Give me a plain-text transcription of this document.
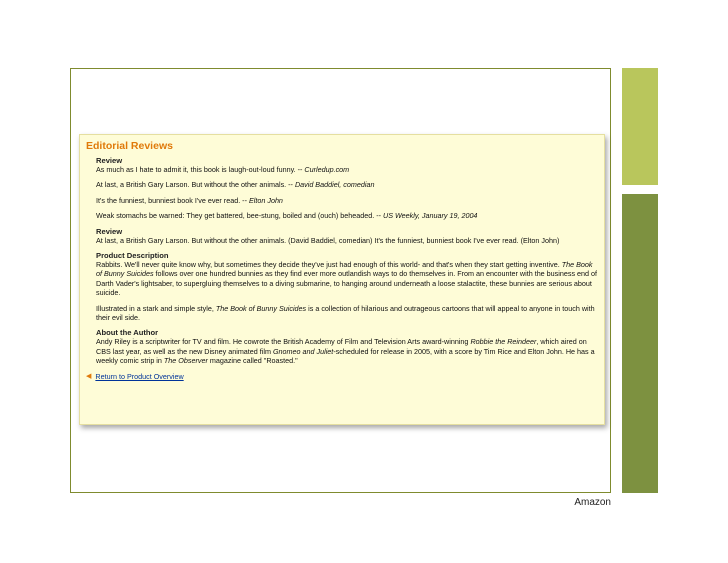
Editorial Reviews
Review

As much as I hate to admit it, this book is laugh-out-loud funny. -- Curledup.com

At last, a British Gary Larson. But without the other animals. -- David Baddiel, comedian

It's the funniest, bunniest book I've ever read. -- Elton John

Weak stomachs be warned: They get battered, bee-stung, boiled and (ouch) beheaded. -- US Weekly, January 19, 2004

Review

At last, a British Gary Larson. But without the other animals. (David Baddiel, comedian) It's the funniest, bunniest book I've ever read. (Elton John)

Product Description

Rabbits. We'll never quite know why, but sometimes they decide they've just had enough of this world- and that's when they start getting inventive. The Book of Bunny Suicides follows over one hundred bunnies as they find ever more outlandish ways to do themselves in. From an encounter with the business end of Darth Vader's lightsaber, to supergluing themselves to a diving submarine, to hanging around underneath a loose stalactite, these bunnies are serious about suicide.

Illustrated in a stark and simple style, The Book of Bunny Suicides is a collection of hilarious and outrageous cartoons that will appeal to anyone in touch with their evil side.

About the Author

Andy Riley is a scriptwriter for TV and film. He cowrote the British Academy of Film and Television Arts award-winning Robbie the Reindeer, which aired on CBS last year, as well as the new Disney animated film Gnomeo and Juliet-scheduled for release in 2005, with a score by Tim Rice and Elton John. He has a weekly comic strip in The Observer magazine called "Roasted."

◀ Return to Product Overview
Amazon
